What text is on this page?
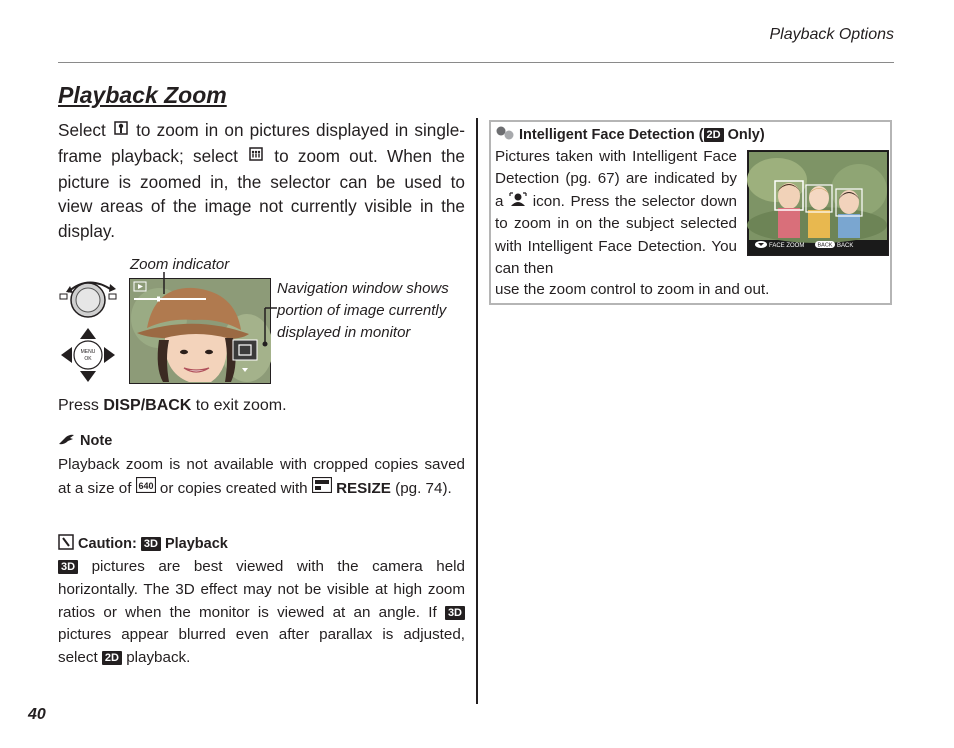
Playback Options
Playback Zoom
Select  to zoom in on pictures displayed in single-frame playback; select  to zoom out. When the picture is zoomed in, the selector can be used to view areas of the image not currently visible in the display.
MENU
OK
Zoom indicator
Navigation window shows portion of image currently displayed in monitor
Press DISP/BACK to exit zoom.
Note
Playback zoom is not available with cropped copies saved at a size of 640 or copies created with  RESIZE (pg. 74).
Caution: 3D Playback
3D pictures are best viewed with the camera held horizontally. The 3D effect may not be visible at high zoom ratios or when the monitor is viewed at an angle. If 3D pictures appear blurred even after parallax is adjusted, select 2D playback.
Intelligent Face Detection ( 2D Only)
Pictures taken with Intelligent Face Detection (pg. 67) are indicated by a  icon. Press the selector down to zoom in on the subject selected with Intelligent Face Detection. You can then
use the zoom control to zoom in and out.
FACE ZOOM BACK BACK
40
